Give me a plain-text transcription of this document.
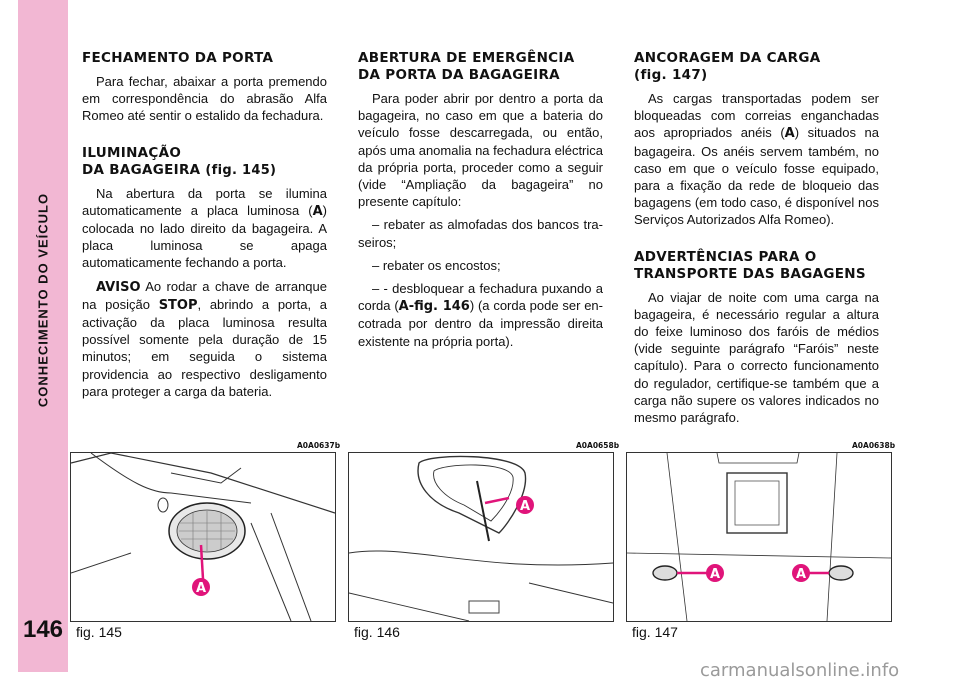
CONHECIMENTO DO VEÍCULO
146
FECHAMENTO DA PORTA

Para fechar, abaixar a porta premendo em correspondência do abrasão Alfa Romeo até sentir o estalido da fechadura.

ILUMINAÇÃO
DA BAGAGEIRA (fig. 145)

Na abertura da porta se ilumina automaticamente a placa luminosa (A) colocada no lado direito da bagageira. A placa luminosa se apaga automaticamente fechando a porta.

AVISO Ao rodar a chave de arranque na posição STOP, abrindo a porta, a activação da placa luminosa resulta possível somente pela duração de 15 minutos; em seguida o sistema providencia ao respectivo desligamento para proteger a carga da bateria.

ABERTURA DE EMERGÊNCIA
DA PORTA DA BAGAGEIRA

Para poder abrir por dentro a porta da bagageira, no caso em que a bateria do veículo fosse descarregada, ou então, após uma anomalia na fechadura eléctrica da própria porta, proceder como a seguir (vide “Ampliação da bagageira” no presente capítulo:

– rebater as almofadas dos bancos traseiros;

– rebater os encostos;

– - desbloquear a fechadura puxando a corda (A-fig. 146) (a corda pode ser encotrada por dentro da impressão direita existente na própria porta).

ANCORAGEM DA CARGA
(fig. 147)

As cargas transportadas podem ser bloqueadas com correias enganchadas aos apropriados anéis (A) situados na bagageira. Os anéis servem também, no caso em que o veículo fosse equipado, para a fixação da rede de bloqueio das bagagens (em todo caso, é disponível nos Serviços Autorizados Alfa Romeo).

ADVERTÊNCIAS PARA O
TRANSPORTE DAS BAGAGENS

Ao viajar de noite com uma carga na bagageira, é necessário regular a altura do feixe luminoso dos faróis de médios (vide seguinte parágrafo “Faróis” neste capítulo). Para o correcto funcionamento do regulador, certifique-se também que a carga não supere os valores indicados no mesmo parágrafo.

A0A0637b
A
fig. 145
A0A0658b
A
fig. 146
A0A0638b
A	A
fig. 147
carmanualsonline.info
